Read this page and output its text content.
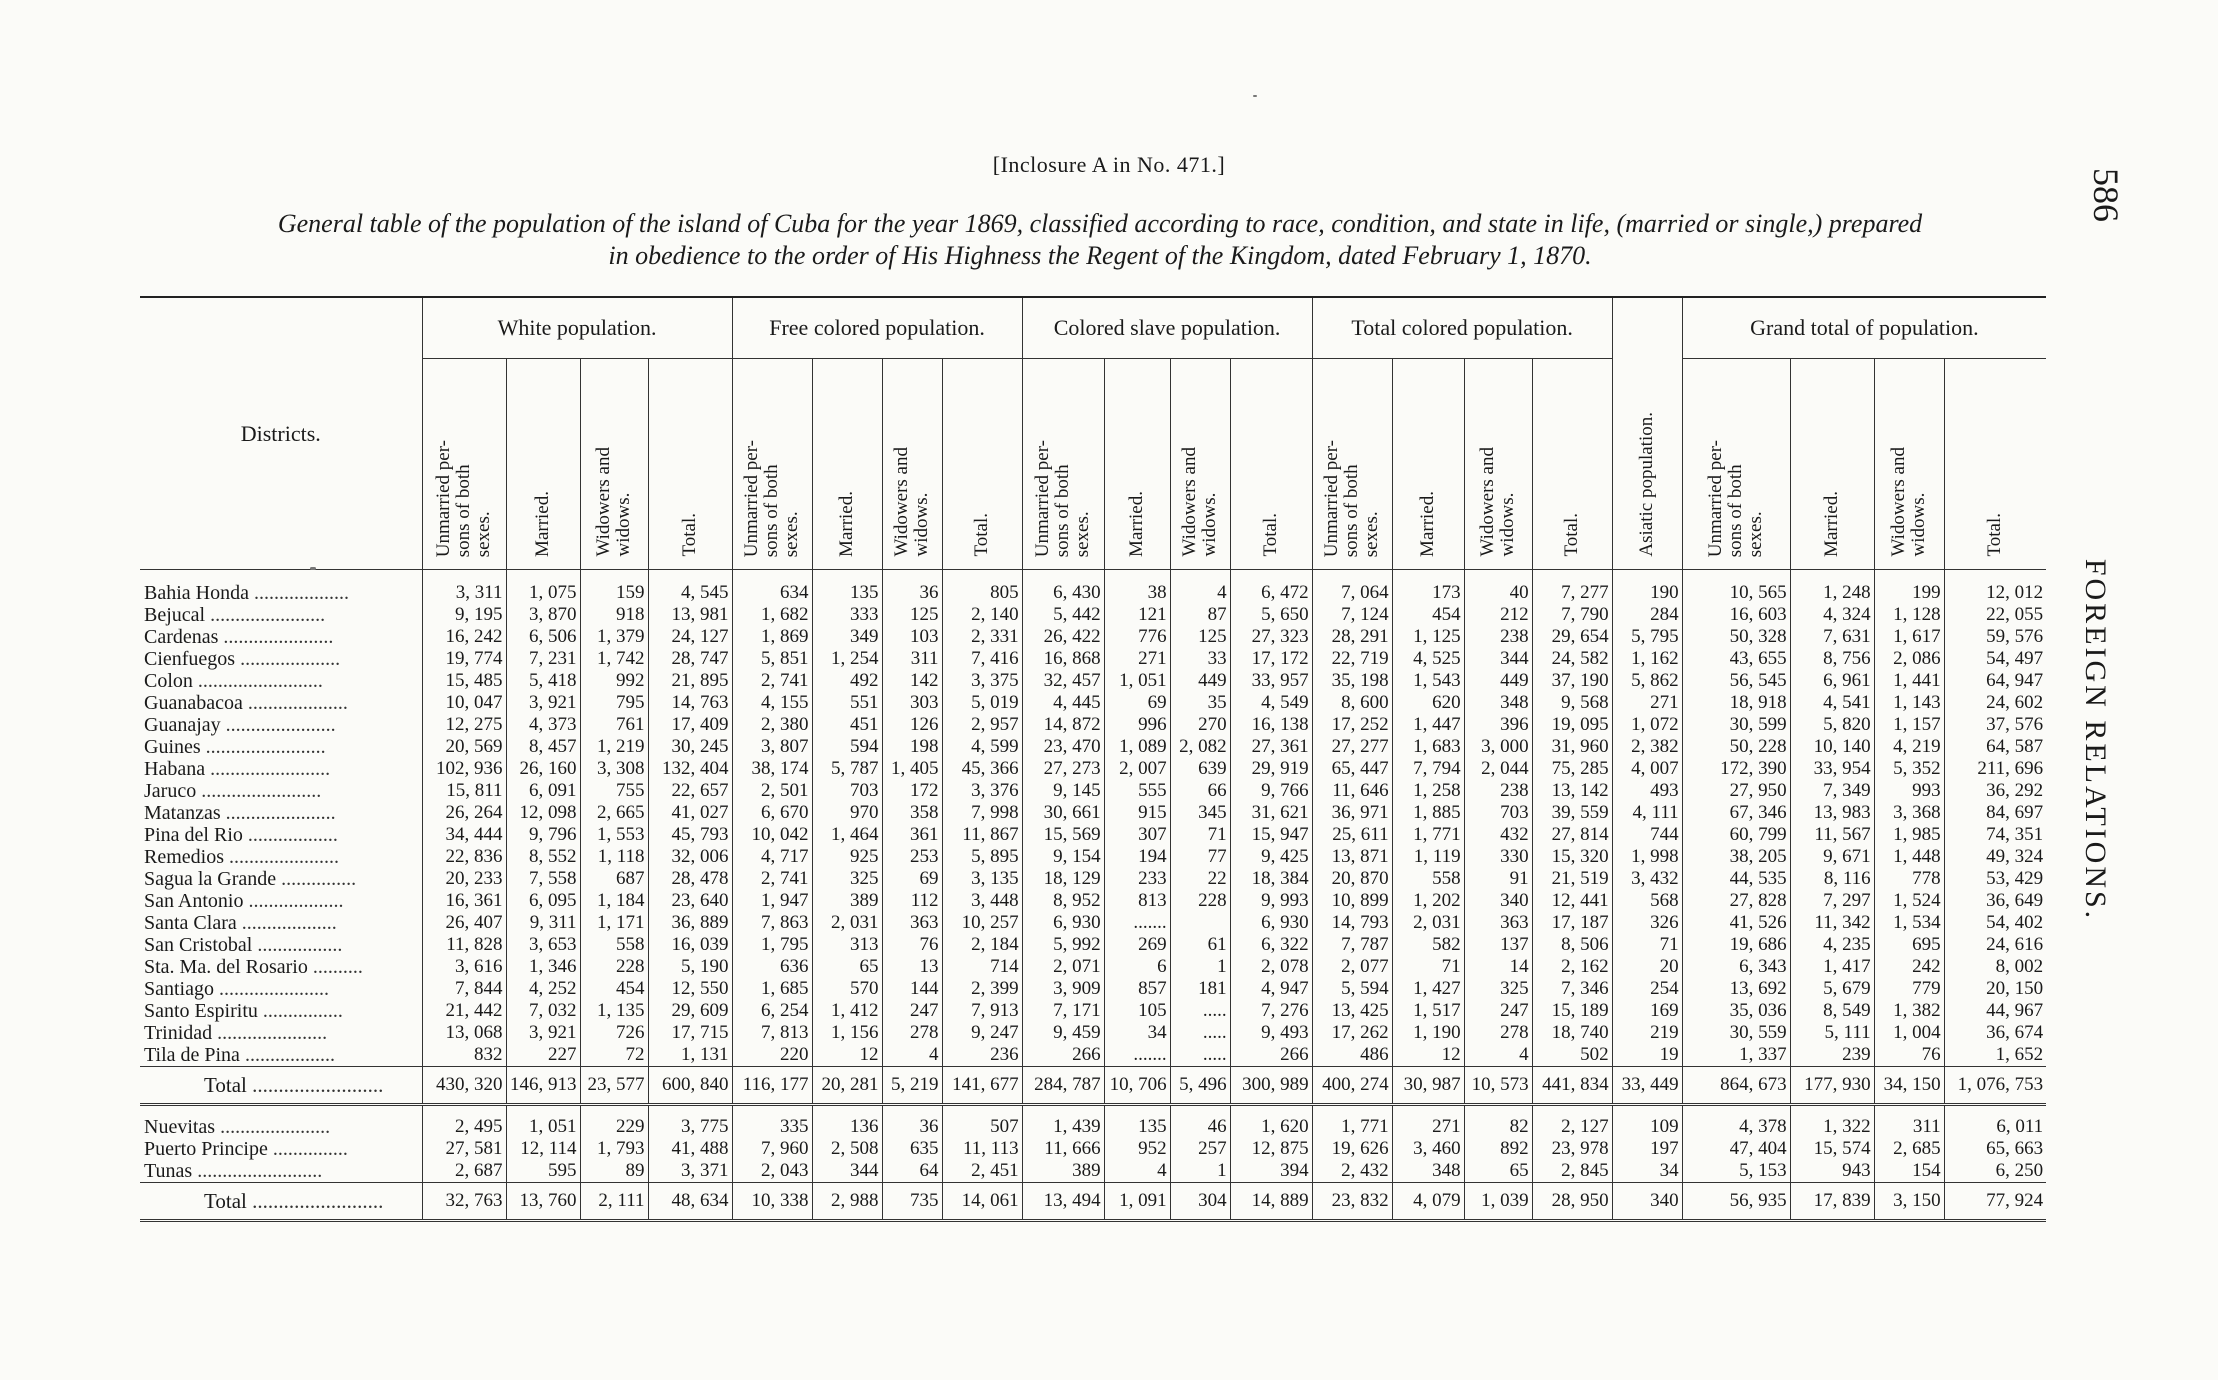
[Inclosure A in No. 471.]
General table of the population of the island of Cuba for the year 1869, classified according to race, condition, and state in life, (married or single,) prepared
in obedience to the order of His Highness the Regent of the Kingdom, dated February 1, 1870.
586
FOREIGN RELATIONS.
Districts.	White population.				Free colored population.				Colored slave population.				Total colored population.				Asiatic population.	Grand total of population.			
	Unmarried per-
sons of both
sexes.	Married.	Widowers and
widows.	Total.	Unmarried per-
sons of both
sexes.	Married.	Widowers and
widows.	Total.	Unmarried per-
sons of both
sexes.	Married.	Widowers and
widows.	Total.	Unmarried per-
sons of both
sexes.	Married.	Widowers and
widows.	Total.		Unmarried per-
sons of both
sexes.	Married.	Widowers and
widows.	Total.
Bahia Honda ...................	3, 311	1, 075	159	4, 545	634	135	36	805	6, 430	38	4	6, 472	7, 064	173	40	7, 277	190	10, 565	1, 248	199	12, 012
Bejucal .......................	9, 195	3, 870	918	13, 981	1, 682	333	125	2, 140	5, 442	121	87	5, 650	7, 124	454	212	7, 790	284	16, 603	4, 324	1, 128	22, 055
Cardenas ......................	16, 242	6, 506	1, 379	24, 127	1, 869	349	103	2, 331	26, 422	776	125	27, 323	28, 291	1, 125	238	29, 654	5, 795	50, 328	7, 631	1, 617	59, 576
Cienfuegos ....................	19, 774	7, 231	1, 742	28, 747	5, 851	1, 254	311	7, 416	16, 868	271	33	17, 172	22, 719	4, 525	344	24, 582	1, 162	43, 655	8, 756	2, 086	54, 497
Colon .........................	15, 485	5, 418	992	21, 895	2, 741	492	142	3, 375	32, 457	1, 051	449	33, 957	35, 198	1, 543	449	37, 190	5, 862	56, 545	6, 961	1, 441	64, 947
Guanabacoa ....................	10, 047	3, 921	795	14, 763	4, 155	551	303	5, 019	4, 445	69	35	4, 549	8, 600	620	348	9, 568	271	18, 918	4, 541	1, 143	24, 602
Guanajay ......................	12, 275	4, 373	761	17, 409	2, 380	451	126	2, 957	14, 872	996	270	16, 138	17, 252	1, 447	396	19, 095	1, 072	30, 599	5, 820	1, 157	37, 576
Guines ........................	20, 569	8, 457	1, 219	30, 245	3, 807	594	198	4, 599	23, 470	1, 089	2, 082	27, 361	27, 277	1, 683	3, 000	31, 960	2, 382	50, 228	10, 140	4, 219	64, 587
Habana ........................	102, 936	26, 160	3, 308	132, 404	38, 174	5, 787	1, 405	45, 366	27, 273	2, 007	639	29, 919	65, 447	7, 794	2, 044	75, 285	4, 007	172, 390	33, 954	5, 352	211, 696
Jaruco ........................	15, 811	6, 091	755	22, 657	2, 501	703	172	3, 376	9, 145	555	66	9, 766	11, 646	1, 258	238	13, 142	493	27, 950	7, 349	993	36, 292
Matanzas ......................	26, 264	12, 098	2, 665	41, 027	6, 670	970	358	7, 998	30, 661	915	345	31, 621	36, 971	1, 885	703	39, 559	4, 111	67, 346	13, 983	3, 368	84, 697
Pina del Rio ..................	34, 444	9, 796	1, 553	45, 793	10, 042	1, 464	361	11, 867	15, 569	307	71	15, 947	25, 611	1, 771	432	27, 814	744	60, 799	11, 567	1, 985	74, 351
Remedios ......................	22, 836	8, 552	1, 118	32, 006	4, 717	925	253	5, 895	9, 154	194	77	9, 425	13, 871	1, 119	330	15, 320	1, 998	38, 205	9, 671	1, 448	49, 324
Sagua la Grande ...............	20, 233	7, 558	687	28, 478	2, 741	325	69	3, 135	18, 129	233	22	18, 384	20, 870	558	91	21, 519	3, 432	44, 535	8, 116	778	53, 429
San Antonio ...................	16, 361	6, 095	1, 184	23, 640	1, 947	389	112	3, 448	8, 952	813	228	9, 993	10, 899	1, 202	340	12, 441	568	27, 828	7, 297	1, 524	36, 649
Santa Clara ...................	26, 407	9, 311	1, 171	36, 889	7, 863	2, 031	363	10, 257	6, 930	.......		6, 930	14, 793	2, 031	363	17, 187	326	41, 526	11, 342	1, 534	54, 402
San Cristobal .................	11, 828	3, 653	558	16, 039	1, 795	313	76	2, 184	5, 992	269	61	6, 322	7, 787	582	137	8, 506	71	19, 686	4, 235	695	24, 616
Sta. Ma. del Rosario ..........	3, 616	1, 346	228	5, 190	636	65	13	714	2, 071	6	1	2, 078	2, 077	71	14	2, 162	20	6, 343	1, 417	242	8, 002
Santiago ......................	7, 844	4, 252	454	12, 550	1, 685	570	144	2, 399	3, 909	857	181	4, 947	5, 594	1, 427	325	7, 346	254	13, 692	5, 679	779	20, 150
Santo Espiritu ................	21, 442	7, 032	1, 135	29, 609	6, 254	1, 412	247	7, 913	7, 171	105	.....	7, 276	13, 425	1, 517	247	15, 189	169	35, 036	8, 549	1, 382	44, 967
Trinidad ......................	13, 068	3, 921	726	17, 715	7, 813	1, 156	278	9, 247	9, 459	34	.....	9, 493	17, 262	1, 190	278	18, 740	219	30, 559	5, 111	1, 004	36, 674
Tila de Pina ..................	832	227	72	1, 131	220	12	4	236	266	.......	.....	266	486	12	4	502	19	1, 337	239	76	1, 652
Total .........................	430, 320	146, 913	23, 577	600, 840	116, 177	20, 281	5, 219	141, 677	284, 787	10, 706	5, 496	300, 989	400, 274	30, 987	10, 573	441, 834	33, 449	864, 673	177, 930	34, 150	1, 076, 753

Nuevitas ......................	2, 495	1, 051	229	3, 775	335	136	36	507	1, 439	135	46	1, 620	1, 771	271	82	2, 127	109	4, 378	1, 322	311	6, 011
Puerto Principe ...............	27, 581	12, 114	1, 793	41, 488	7, 960	2, 508	635	11, 113	11, 666	952	257	12, 875	19, 626	3, 460	892	23, 978	197	47, 404	15, 574	2, 685	65, 663
Tunas .........................	2, 687	595	89	3, 371	2, 043	344	64	2, 451	389	4	1	394	2, 432	348	65	2, 845	34	5, 153	943	154	6, 250
Total .........................	32, 763	13, 760	2, 111	48, 634	10, 338	2, 988	735	14, 061	13, 494	1, 091	304	14, 889	23, 832	4, 079	1, 039	28, 950	340	56, 935	17, 839	3, 150	77, 924
